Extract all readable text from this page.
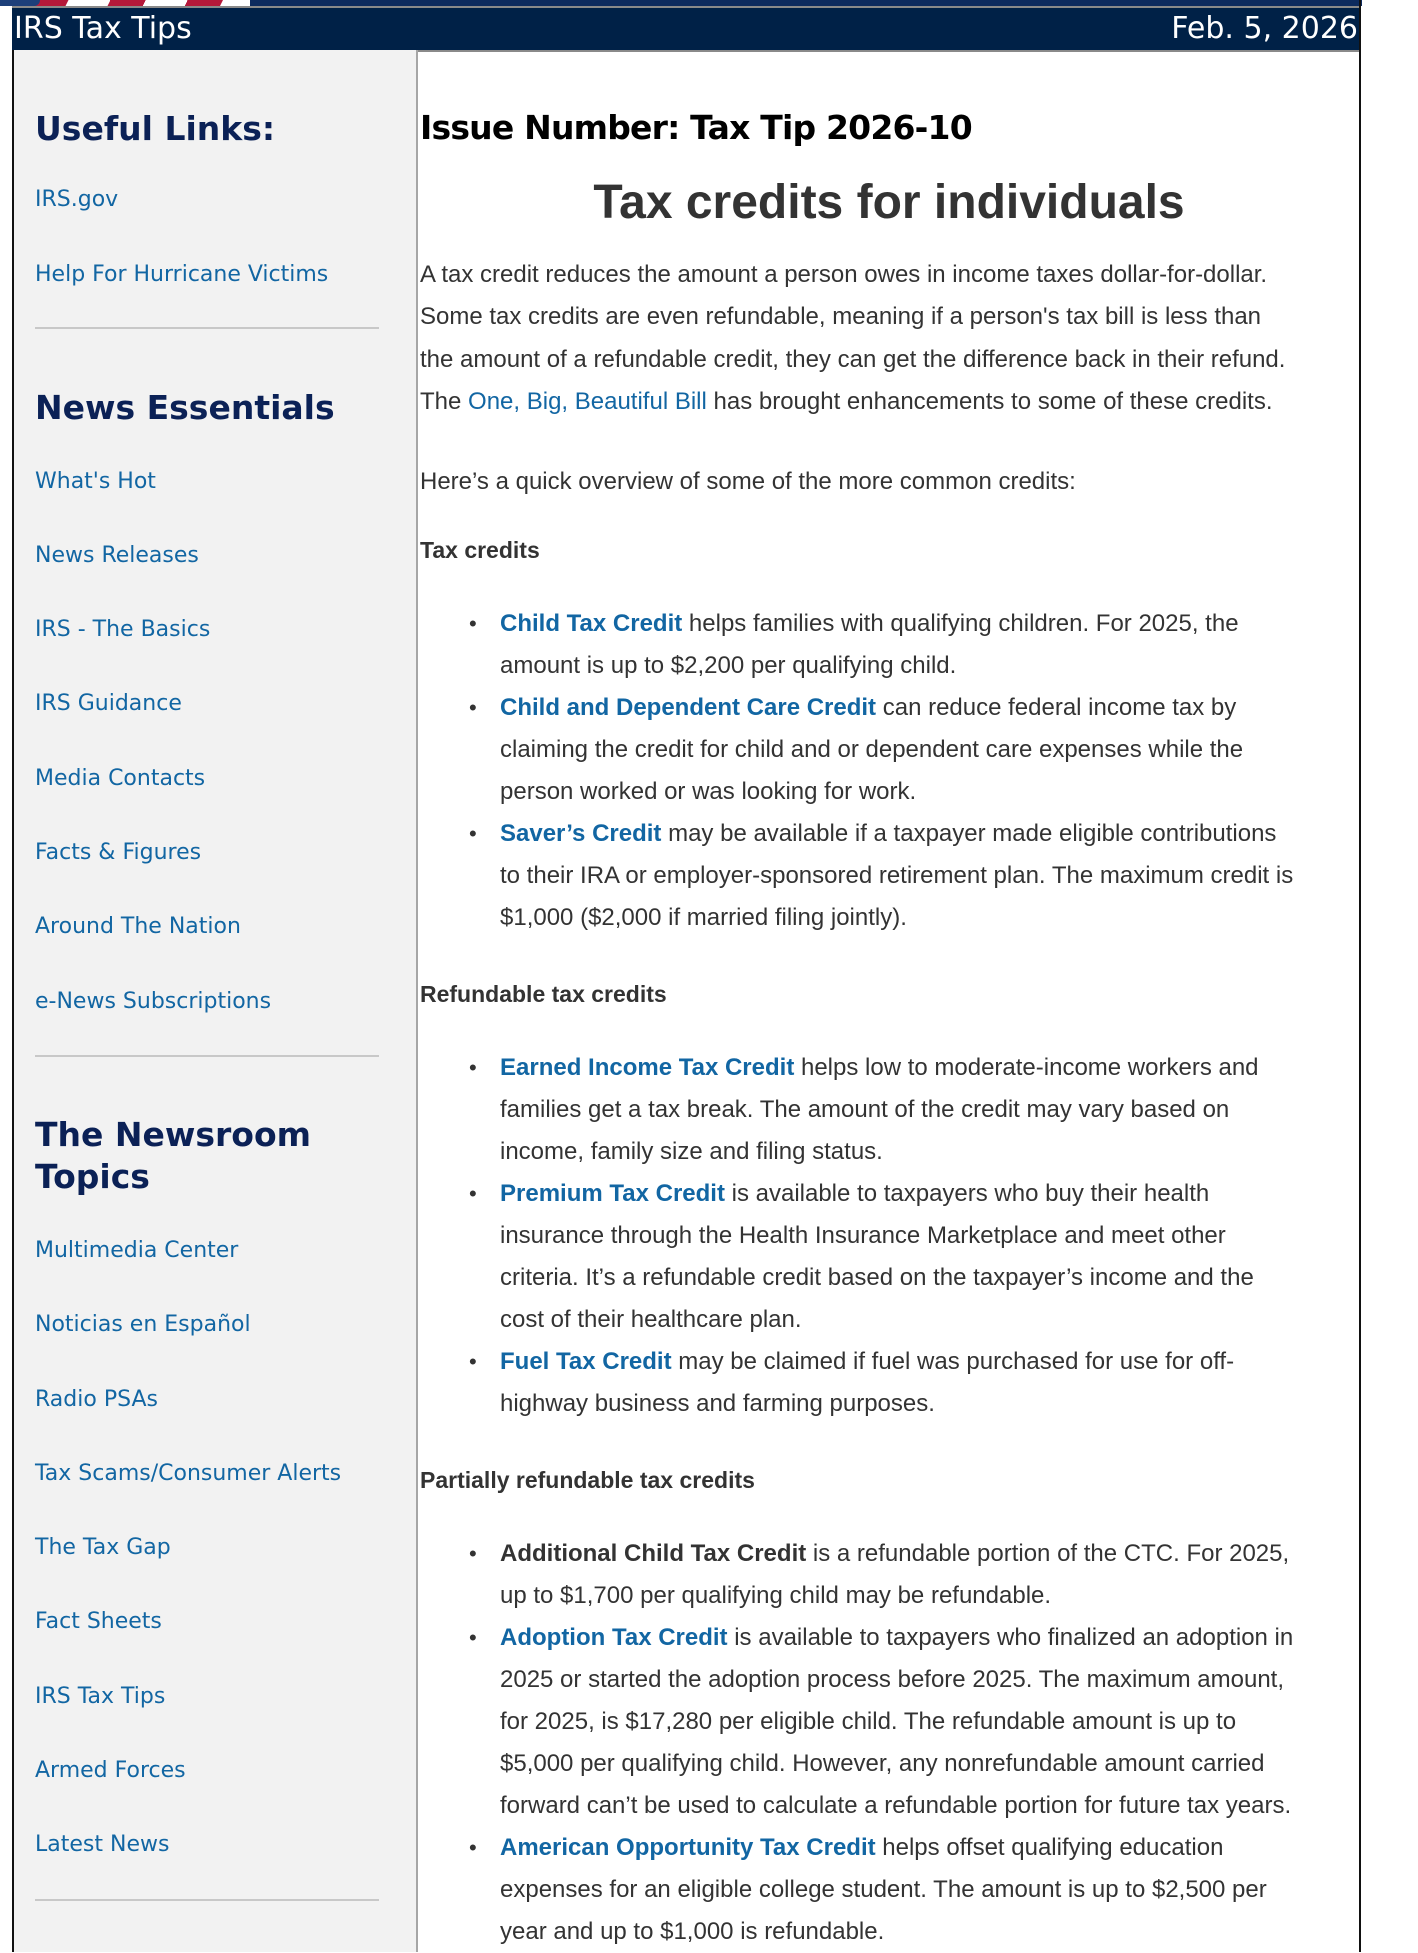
IRS Tax Tips	Feb. 5, 2026
Useful Links:
IRS.gov
Help For Hurricane Victims
News Essentials
What's Hot
News Releases
IRS - The Basics
IRS Guidance
Media Contacts
Facts & Figures
Around The Nation
e-News Subscriptions
The Newsroom
Topics
Multimedia Center
Noticias en Español
Radio PSAs
Tax Scams/Consumer Alerts
The Tax Gap
Fact Sheets
IRS Tax Tips
Armed Forces
Latest News
Issue Number: Tax Tip 2026-10
Tax credits for individuals
A tax credit reduces the amount a person owes in income taxes dollar-for-dollar.
Some tax credits are even refundable, meaning if a person's tax bill is less than
the amount of a refundable credit, they can get the difference back in their refund.
The One, Big, Beautiful Bill has brought enhancements to some of these credits.
Here’s a quick overview of some of the more common credits:
Tax credits
• Child Tax Credit helps families with qualifying children. For 2025, the
amount is up to $2,200 per qualifying child.
• Child and Dependent Care Credit can reduce federal income tax by
claiming the credit for child and or dependent care expenses while the
person worked or was looking for work.
• Saver’s Credit may be available if a taxpayer made eligible contributions
to their IRA or employer-sponsored retirement plan. The maximum credit is
$1,000 ($2,000 if married filing jointly).
Refundable tax credits
• Earned Income Tax Credit helps low to moderate-income workers and
families get a tax break. The amount of the credit may vary based on
income, family size and filing status.
• Premium Tax Credit is available to taxpayers who buy their health
insurance through the Health Insurance Marketplace and meet other
criteria. It’s a refundable credit based on the taxpayer’s income and the
cost of their healthcare plan.
• Fuel Tax Credit may be claimed if fuel was purchased for use for off-
highway business and farming purposes.
Partially refundable tax credits
• Additional Child Tax Credit is a refundable portion of the CTC. For 2025,
up to $1,700 per qualifying child may be refundable.
• Adoption Tax Credit is available to taxpayers who finalized an adoption in
2025 or started the adoption process before 2025. The maximum amount,
for 2025, is $17,280 per eligible child. The refundable amount is up to
$5,000 per qualifying child. However, any nonrefundable amount carried
forward can’t be used to calculate a refundable portion for future tax years.
• American Opportunity Tax Credit helps offset qualifying education
expenses for an eligible college student. The amount is up to $2,500 per
year and up to $1,000 is refundable.
